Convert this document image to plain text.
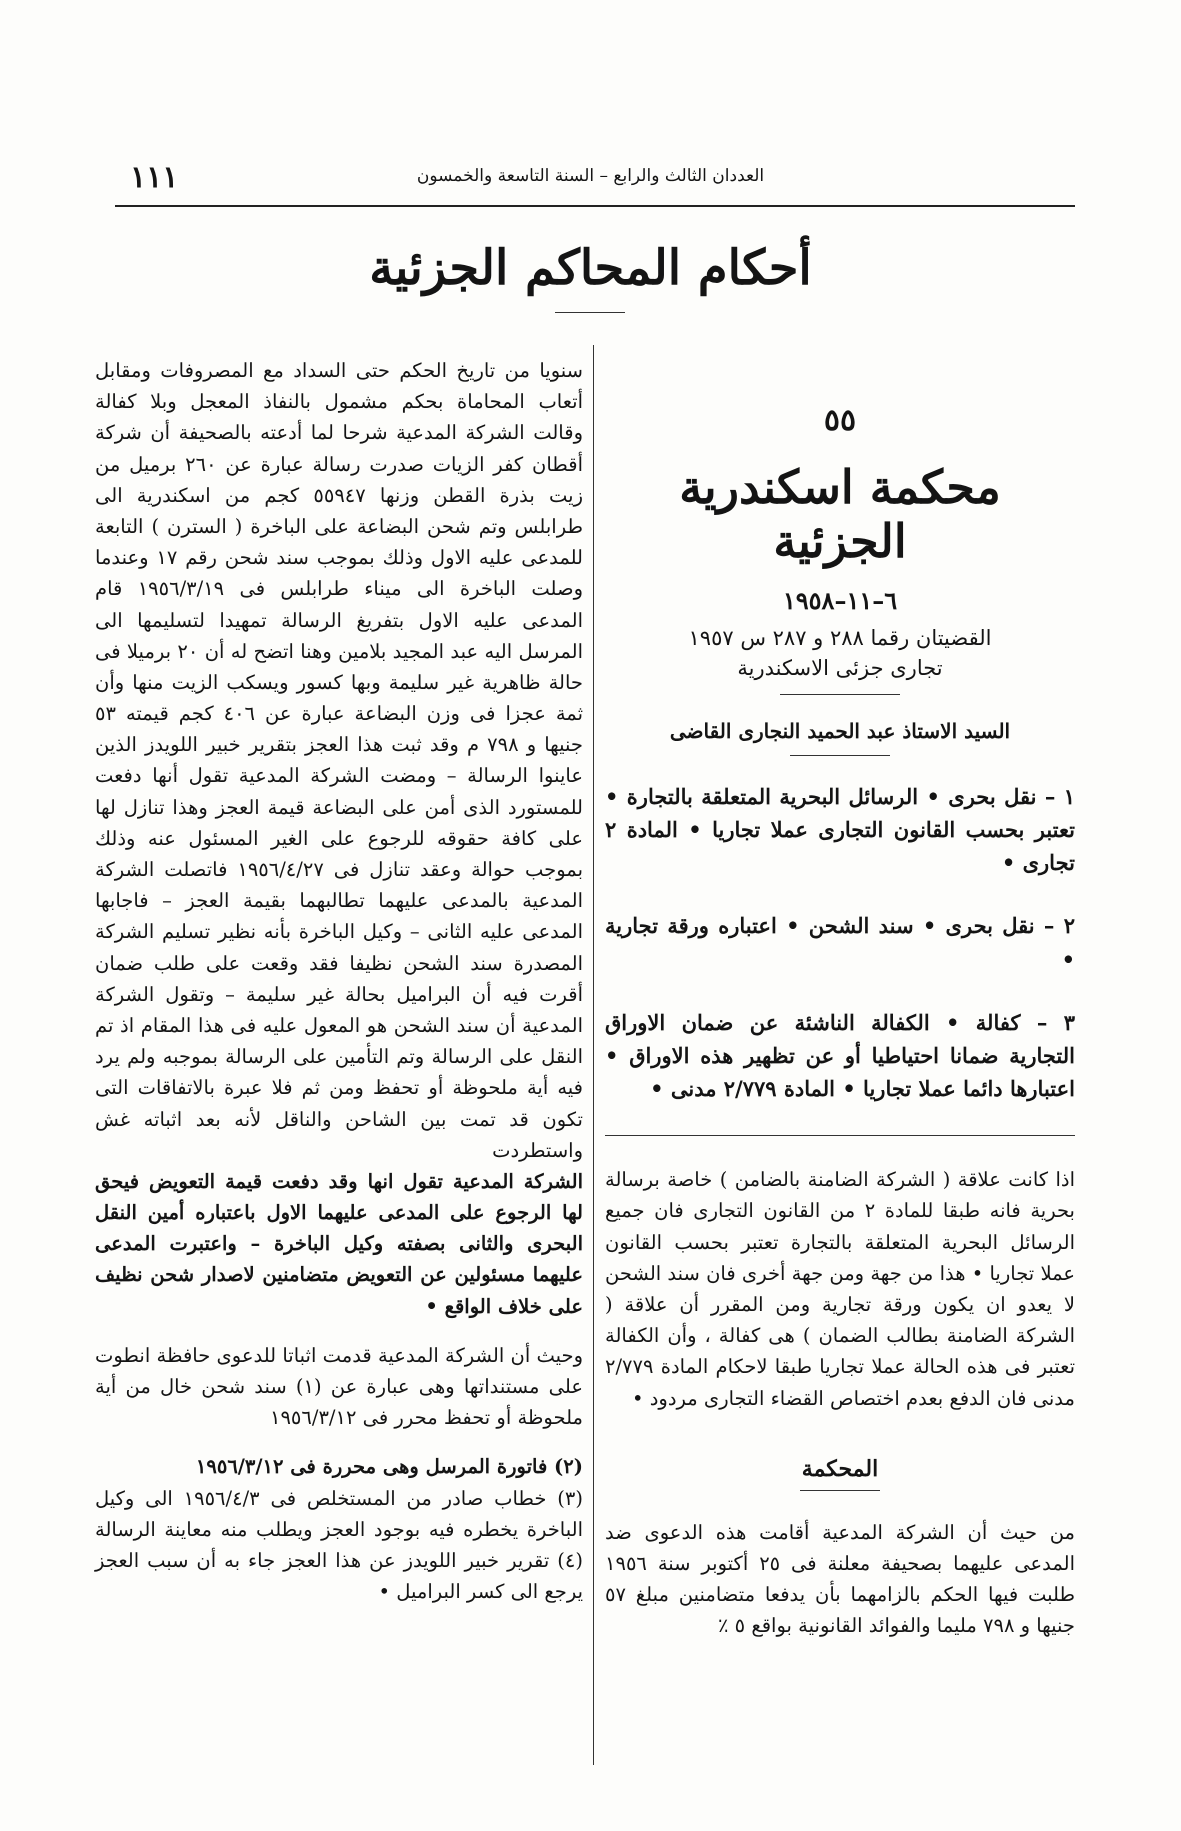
١١١	العددان الثالث والرابع – السنة التاسعة والخمسون
أحكام المحاكم الجزئية
٥٥
محكمة اسكندرية الجزئية
٦–١١–١٩٥٨
القضيتان رقما ٢٨٨ و ٢٨٧ س ١٩٥٧
تجارى جزئى الاسكندرية
السيد الاستاذ عبد الحميد النجارى القاضى

١ – نقل بحرى • الرسائل البحرية المتعلقة بالتجارة • تعتبر بحسب القانون التجارى عملا تجاريا • المادة ٢ تجارى •

٢ – نقل بحرى • سند الشحن • اعتباره ورقة تجارية •

٣ – كفالة • الكفالة الناشئة عن ضمان الاوراق التجارية ضمانا احتياطيا أو عن تظهير هذه الاوراق • اعتبارها دائما عملا تجاريا • المادة ٢/٧٧٩ مدنى •

اذا كانت علاقة ( الشركة الضامنة بالضامن ) خاصة برسالة بحرية فانه طبقا للمادة ٢ من القانون التجارى فان جميع الرسائل البحرية المتعلقة بالتجارة تعتبر بحسب القانون عملا تجاريا • هذا من جهة ومن جهة أخرى فان سند الشحن لا يعدو ان يكون ورقة تجارية ومن المقرر أن علاقة ( الشركة الضامنة بطالب الضمان ) هى كفالة ، وأن الكفالة تعتبر فى هذه الحالة عملا تجاريا طبقا لاحكام المادة ٢/٧٧٩ مدنى فان الدفع بعدم اختصاص القضاء التجارى مردود •

المحكمة

من حيث أن الشركة المدعية أقامت هذه الدعوى ضد المدعى عليهما بصحيفة معلنة فى ٢٥ أكتوبر سنة ١٩٥٦ طلبت فيها الحكم بالزامهما بأن يدفعا متضامنين مبلغ ٥٧ جنيها و ٧٩٨ مليما والفوائد القانونية بواقع ٥ ٪

سنويا من تاريخ الحكم حتى السداد مع المصروفات ومقابل أتعاب المحاماة بحكم مشمول بالنفاذ المعجل وبلا كفالة وقالت الشركة المدعية شرحا لما أدعته بالصحيفة أن شركة أقطان كفر الزيات صدرت رسالة عبارة عن ٢٦٠ برميل من زيت بذرة القطن وزنها ٥٥٩٤٧ كجم من اسكندرية الى طرابلس وتم شحن البضاعة على الباخرة ( السترن ) التابعة للمدعى عليه الاول وذلك بموجب سند شحن رقم ١٧ وعندما وصلت الباخرة الى ميناء طرابلس فى ١٩٥٦/٣/١٩ قام المدعى عليه الاول بتفريغ الرسالة تمهيدا لتسليمها الى المرسل اليه عبد المجيد بلامين وهنا اتضح له أن ٢٠ برميلا فى حالة ظاهرية غير سليمة وبها كسور ويسكب الزيت منها وأن ثمة عجزا فى وزن البضاعة عبارة عن ٤٠٦ كجم قيمته ٥٣ جنيها و ٧٩٨ م وقد ثبت هذا العجز بتقرير خبير اللويدز الذين عاينوا الرسالة – ومضت الشركة المدعية تقول أنها دفعت للمستورد الذى أمن على البضاعة قيمة العجز وهذا تنازل لها على كافة حقوقه للرجوع على الغير المسئول عنه وذلك بموجب حوالة وعقد تنازل فى ١٩٥٦/٤/٢٧ فاتصلت الشركة المدعية بالمدعى عليهما تطالبهما بقيمة العجز – فاجابها المدعى عليه الثانى – وكيل الباخرة بأنه نظير تسليم الشركة المصدرة سند الشحن نظيفا فقد وقعت على طلب ضمان أقرت فيه أن البراميل بحالة غير سليمة – وتقول الشركة المدعية أن سند الشحن هو المعول عليه فى هذا المقام اذ تم النقل على الرسالة وتم التأمين على الرسالة بموجبه ولم يرد فيه أية ملحوظة أو تحفظ ومن ثم فلا عبرة بالاتفاقات التى تكون قد تمت بين الشاحن والناقل لأنه بعد اثباته غش واستطردت

الشركة المدعية تقول انها وقد دفعت قيمة التعويض فيحق لها الرجوع على المدعى عليهما الاول باعتباره أمين النقل البحرى والثانى بصفته وكيل الباخرة – واعتبرت المدعى عليهما مسئولين عن التعويض متضامنين لاصدار شحن نظيف على خلاف الواقع •

وحيث أن الشركة المدعية قدمت اثباتا للدعوى حافظة انطوت على مستنداتها وهى عبارة عن (١) سند شحن خال من أية ملحوظة أو تحفظ محرر فى ١٩٥٦/٣/١٢

(٢) فاتورة المرسل وهى محررة فى ١٩٥٦/٣/١٢

(٣) خطاب صادر من المستخلص فى ١٩٥٦/٤/٣ الى وكيل الباخرة يخطره فيه بوجود العجز ويطلب منه معاينة الرسالة (٤) تقرير خبير اللويدز عن هذا العجز جاء به أن سبب العجز يرجع الى كسر البراميل •
